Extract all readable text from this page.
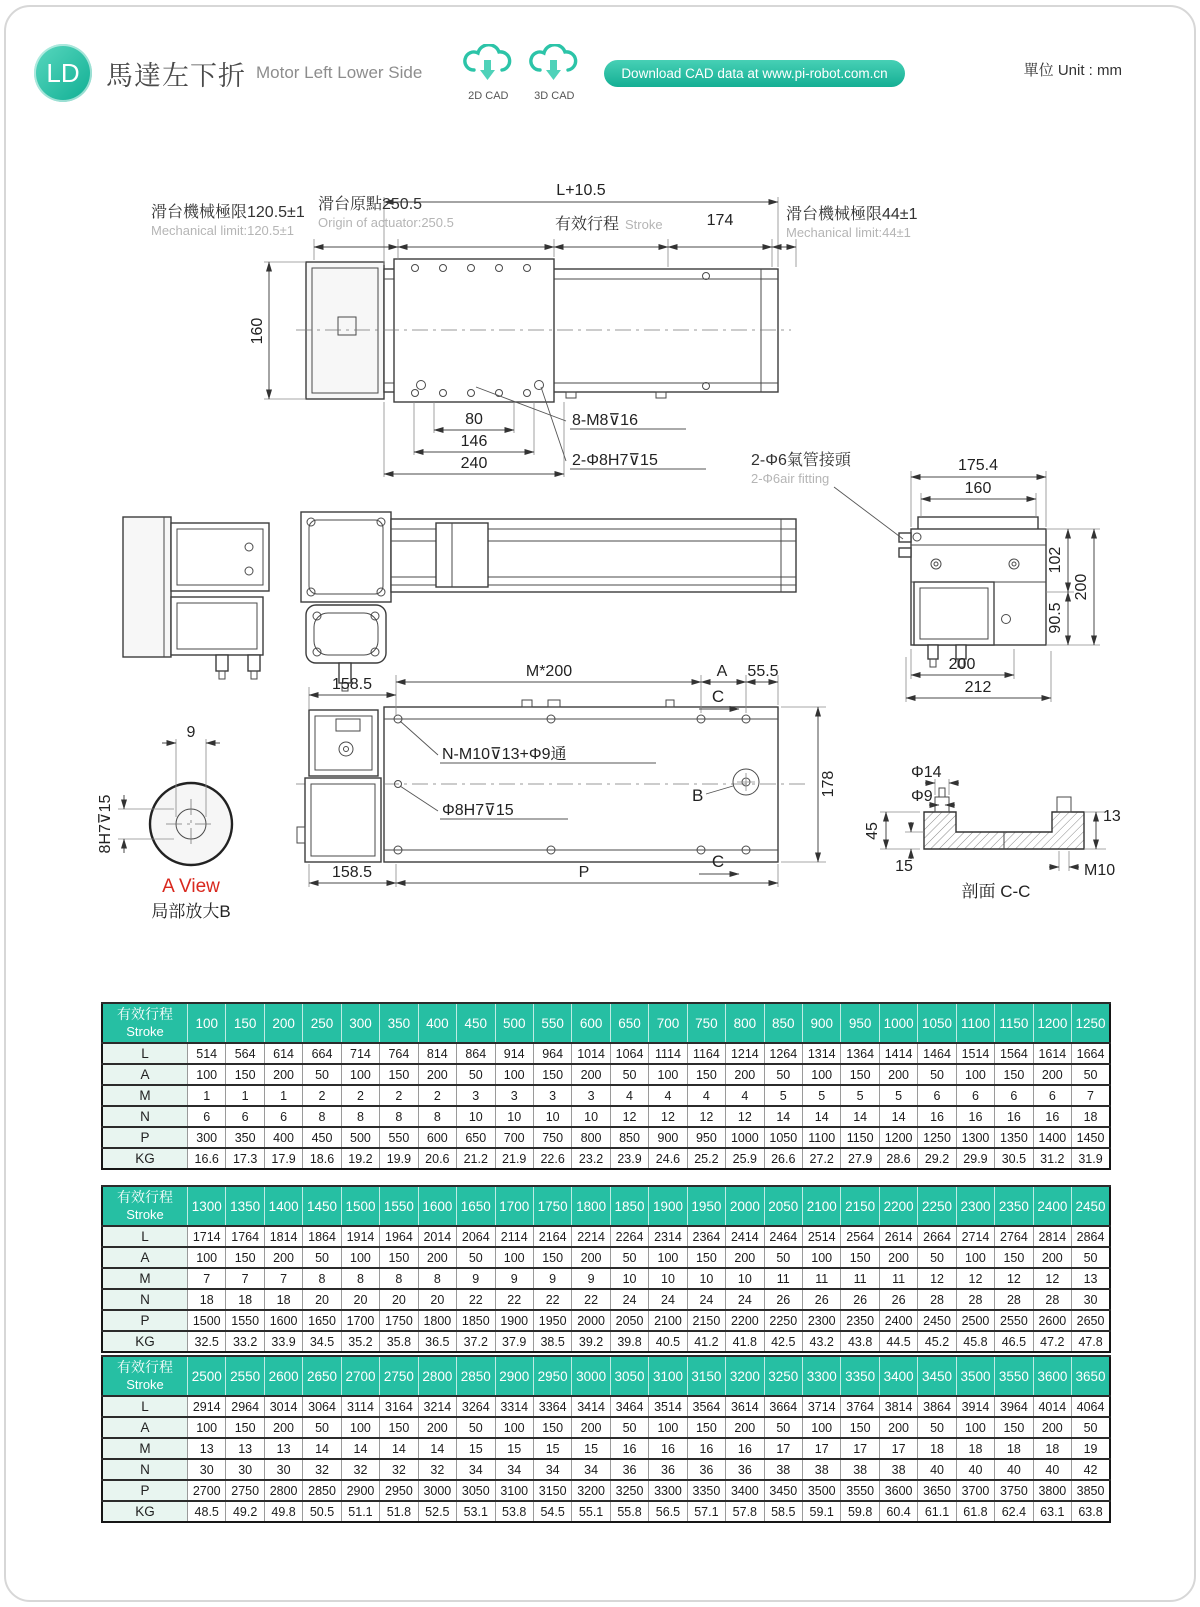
LD 馬達左下折 Motor Left Lower Side
2D CAD 3D CAD
Download CAD data at www.pi-robot.com.cn	單位 Unit : mm
L+10.5
滑台機械極限120.5±1
Mechanical limit:120.5±1
滑台原點250.5
Origin of actuator:250.5	有效行程 Stroke	174	滑台機械極限44±1
Mechanical limit:44±1
160
80
146
240
8-M8⊽16
2-Φ8H7⊽15	175.4
160
102
200
90.5
200
212
2-Φ6氣管接頭
2-Φ6air fitting
158.5
M*200	A 55.5
C
N-M10⊽13+Φ9通
Φ8H7⊽15
B	178
C
158.5	P
9
8H7⊽15
A View
局部放大B
Φ14
Φ9
45
15
13
M10
剖面 C-C
有效行程
Stroke	100	150	200	250	300	350	400	450	500	550	600	650	700	750	800	850	900	950	1000	1050	1100	1150	1200	1250
L	514	564	614	664	714	764	814	864	914	964	1014	1064	1114	1164	1214	1264	1314	1364	1414	1464	1514	1564	1614	1664
A	100	150	200	50	100	150	200	50	100	150	200	50	100	150	200	50	100	150	200	50	100	150	200	50
M	1	1	1	2	2	2	2	3	3	3	3	4	4	4	4	5	5	5	5	6	6	6	6	7
N	6	6	6	8	8	8	8	10	10	10	10	12	12	12	12	14	14	14	14	16	16	16	16	18
P	300	350	400	450	500	550	600	650	700	750	800	850	900	950	1000	1050	1100	1150	1200	1250	1300	1350	1400	1450
KG	16.6	17.3	17.9	18.6	19.2	19.9	20.6	21.2	21.9	22.6	23.2	23.9	24.6	25.2	25.9	26.6	27.2	27.9	28.6	29.2	29.9	30.5	31.2	31.9
有效行程
Stroke	1300	1350	1400	1450	1500	1550	1600	1650	1700	1750	1800	1850	1900	1950	2000	2050	2100	2150	2200	2250	2300	2350	2400	2450
L	1714	1764	1814	1864	1914	1964	2014	2064	2114	2164	2214	2264	2314	2364	2414	2464	2514	2564	2614	2664	2714	2764	2814	2864
A	100	150	200	50	100	150	200	50	100	150	200	50	100	150	200	50	100	150	200	50	100	150	200	50
M	7	7	7	8	8	8	8	9	9	9	9	10	10	10	10	11	11	11	11	12	12	12	12	13
N	18	18	18	20	20	20	20	22	22	22	22	24	24	24	24	26	26	26	26	28	28	28	28	30
P	1500	1550	1600	1650	1700	1750	1800	1850	1900	1950	2000	2050	2100	2150	2200	2250	2300	2350	2400	2450	2500	2550	2600	2650
KG	32.5	33.2	33.9	34.5	35.2	35.8	36.5	37.2	37.9	38.5	39.2	39.8	40.5	41.2	41.8	42.5	43.2	43.8	44.5	45.2	45.8	46.5	47.2	47.8
有效行程
Stroke	2500	2550	2600	2650	2700	2750	2800	2850	2900	2950	3000	3050	3100	3150	3200	3250	3300	3350	3400	3450	3500	3550	3600	3650
L	2914	2964	3014	3064	3114	3164	3214	3264	3314	3364	3414	3464	3514	3564	3614	3664	3714	3764	3814	3864	3914	3964	4014	4064
A	100	150	200	50	100	150	200	50	100	150	200	50	100	150	200	50	100	150	200	50	100	150	200	50
M	13	13	13	14	14	14	14	15	15	15	15	16	16	16	16	17	17	17	17	18	18	18	18	19
N	30	30	30	32	32	32	32	34	34	34	34	36	36	36	36	38	38	38	38	40	40	40	40	42
P	2700	2750	2800	2850	2900	2950	3000	3050	3100	3150	3200	3250	3300	3350	3400	3450	3500	3550	3600	3650	3700	3750	3800	3850
KG	48.5	49.2	49.8	50.5	51.1	51.8	52.5	53.1	53.8	54.5	55.1	55.8	56.5	57.1	57.8	58.5	59.1	59.8	60.4	61.1	61.8	62.4	63.1	63.8
